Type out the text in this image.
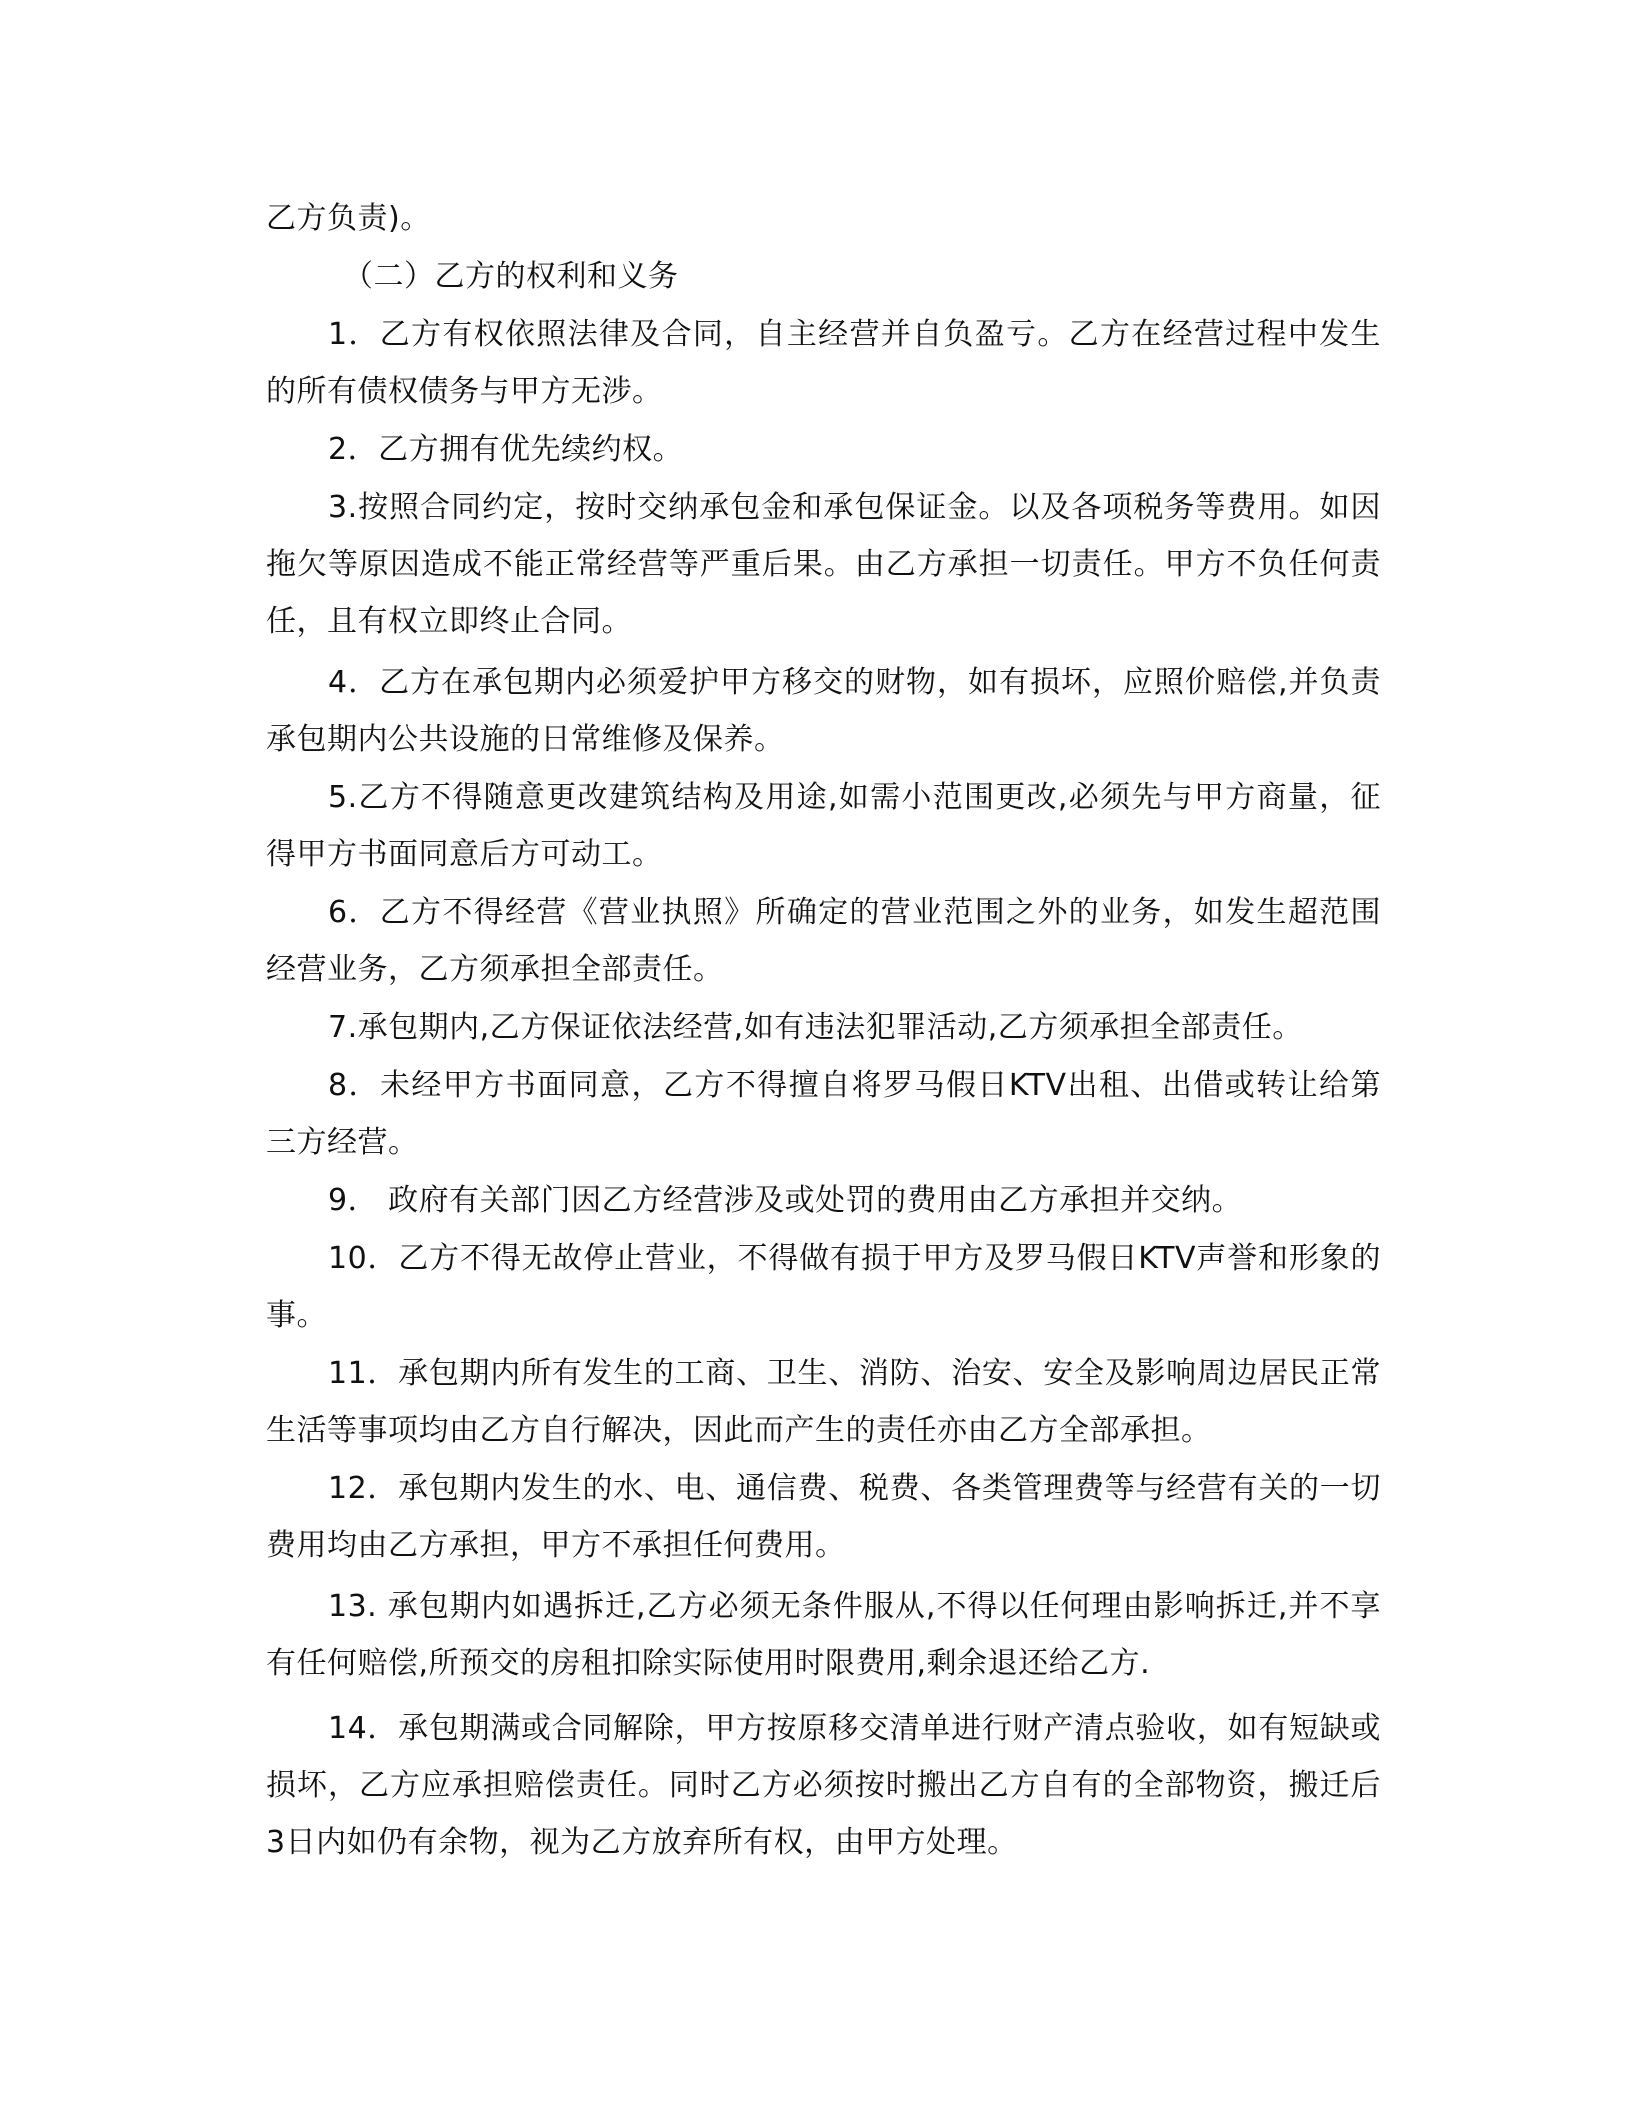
乙方负责)。

（二）乙方的权利和义务

1．乙方有权依照法律及合同，自主经营并自负盈亏。乙方在经营过程中发生的所有债权债务与甲方无涉。

2．乙方拥有优先续约权。

3.按照合同约定，按时交纳承包金和承包保证金。以及各项税务等费用。如因拖欠等原因造成不能正常经营等严重后果。由乙方承担一切责任。甲方不负任何责任，且有权立即终止合同。

4．乙方在承包期内必须爱护甲方移交的财物，如有损坏，应照价赔偿,并负责承包期内公共设施的日常维修及保养。

5.乙方不得随意更改建筑结构及用途,如需小范围更改,必须先与甲方商量，征得甲方书面同意后方可动工。

6．乙方不得经营《营业执照》所确定的营业范围之外的业务，如发生超范围经营业务，乙方须承担全部责任。

7.承包期内,乙方保证依法经营,如有违法犯罪活动,乙方须承担全部责任。

8．未经甲方书面同意，乙方不得擅自将罗马假日KTV出租、出借或转让给第三方经营。

9． 政府有关部门因乙方经营涉及或处罚的费用由乙方承担并交纳。

10．乙方不得无故停止营业，不得做有损于甲方及罗马假日KTV声誉和形象的事。

11．承包期内所有发生的工商、卫生、消防、治安、安全及影响周边居民正常生活等事项均由乙方自行解决，因此而产生的责任亦由乙方全部承担。

12．承包期内发生的水、电、通信费、税费、各类管理费等与经营有关的一切费用均由乙方承担，甲方不承担任何费用。

13. 承包期内如遇拆迁,乙方必须无条件服从,不得以任何理由影响拆迁,并不享有任何赔偿,所预交的房租扣除实际使用时限费用,剩余退还给乙方.

14．承包期满或合同解除，甲方按原移交清单进行财产清点验收，如有短缺或损坏，乙方应承担赔偿责任。同时乙方必须按时搬出乙方自有的全部物资，搬迁后3日内如仍有余物，视为乙方放弃所有权，由甲方处理。
